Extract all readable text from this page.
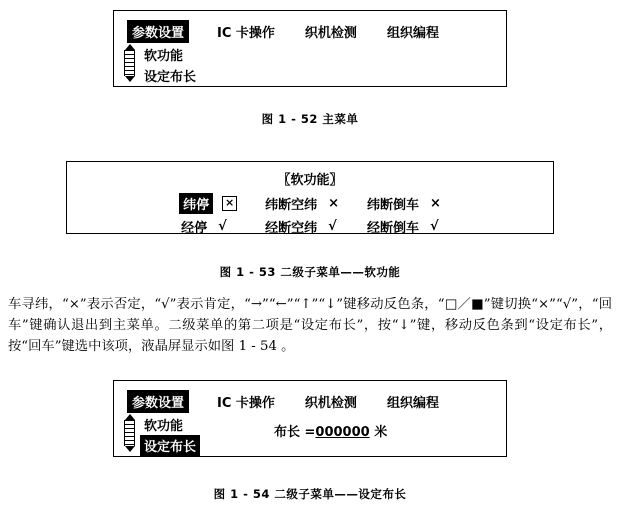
参数设置	IC 卡操作	织机检测	组织编程
软功能
设定布长
图 1 - 52 主菜单
〖软功能〗
纬停	× 纬断空纬 × 纬断倒车 ×
经停 √	经断空纬 √ 经断倒车 √
图 1 - 53 二级子菜单——软功能
车寻纬，“×”表示否定，“√”表示肯定，“→”“←”“↑”“↓”键移动反色条，“□／■”键切换“×”“√”，“回车”键确认退出到主菜单。二级菜单的第二项是“设定布长”，按“↓”键，移动反色条到“设定布长”，按“回车”键选中该项，液晶屏显示如图 1 - 54 。
参数设置	IC 卡操作	织机检测	组织编程
软功能
设定布长
布长 =000000 米
图 1 - 54 二级子菜单——设定布长
